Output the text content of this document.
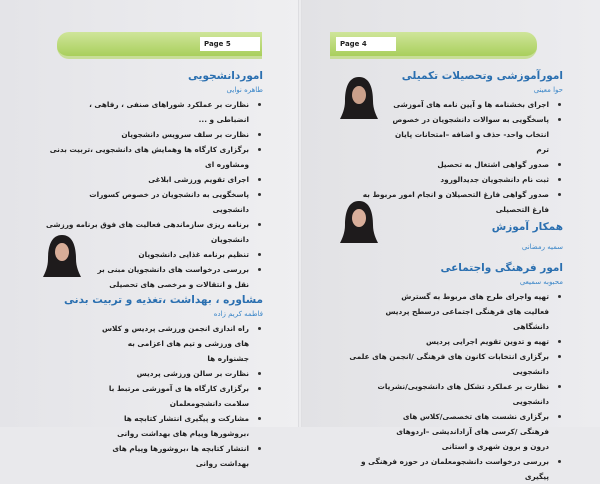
Page 5	Page 4
امورآموزشی وتحصیلات تکمیلی
حوا معینی
اجرای بخشنامه ها و آیین نامه های آموزشی
پاسخگویی به سوالات دانشجویان در خصوص انتخاب واحد- حذف و اضافه –امتحانات پایان ترم
صدور گواهی اشتغال به تحصیل
ثبت نام دانشجویان جدیدالورود
صدور گواهی فارغ التحصیلان و انجام امور مربوط به فارغ التحصیلی
همکار آموزش
سمیه رمضانی
امور فرهنگی واجتماعی
محبوبه سمیعی
تهیه واجرای طرح های مربوط به گسترش فعالیت های فرهنگی اجتماعی درسطح پردیس دانشگاهی
تهیه و تدوین تقویم اجرایی پردیس
برگزاری انتخابات کانون های فرهنگی /انجمن های علمی دانشجویی
نظارت بر عملکرد تشکل های دانشجویی/نشریات دانشجویی
برگزاری نشست های تخصصی/کلاس های فرهنگی /کرسی های آزاداندیشی –اردوهای درون و برون شهری و استانی
بررسی درخواست دانشجومعلمان در حوزه فرهنگی و پیگیری
اموردانشجویی
طاهره نوایی
نظارت بر عملکرد شوراهای صنفی ، رفاهی ، انضباطی و ...
نظارت بر سلف سرویس دانشجویان
برگزاری کارگاه ها وهمایش های دانشجویی ،تربیت بدنی ومشاوره ای
اجرای تقویم ورزشی ابلاغی
پاسخگویی به دانشجویان در خصوص کسورات دانشجویی
برنامه ریزی سازماندهی فعالیت های فوق برنامه ورزشی دانشجویان
تنظیم برنامه غذایی دانشجویان
بررسی درخواست های دانشجویان مبنی بر نقل و انتقالات و مرخصی های تحصیلی
مشاوره ، بهداشت ،تغذیه و تربیت بدنی
فاطمه کریم زاده
راه اندازی انجمن ورزشی پردیس و کلاس های ورزشی و تیم های اعزامی به جشنواره ها
نظارت بر سالن ورزشی پردیس
برگزاری کارگاه ها ی آموزشی مرتبط با سلامت دانشجومعلمان
مشارکت و پیگیری انتشار کتابچه ها ،بروشورها وپیام های بهداشت روانی
انتشار کتابچه ها ،بروشورها وپیام های بهداشت روانی
